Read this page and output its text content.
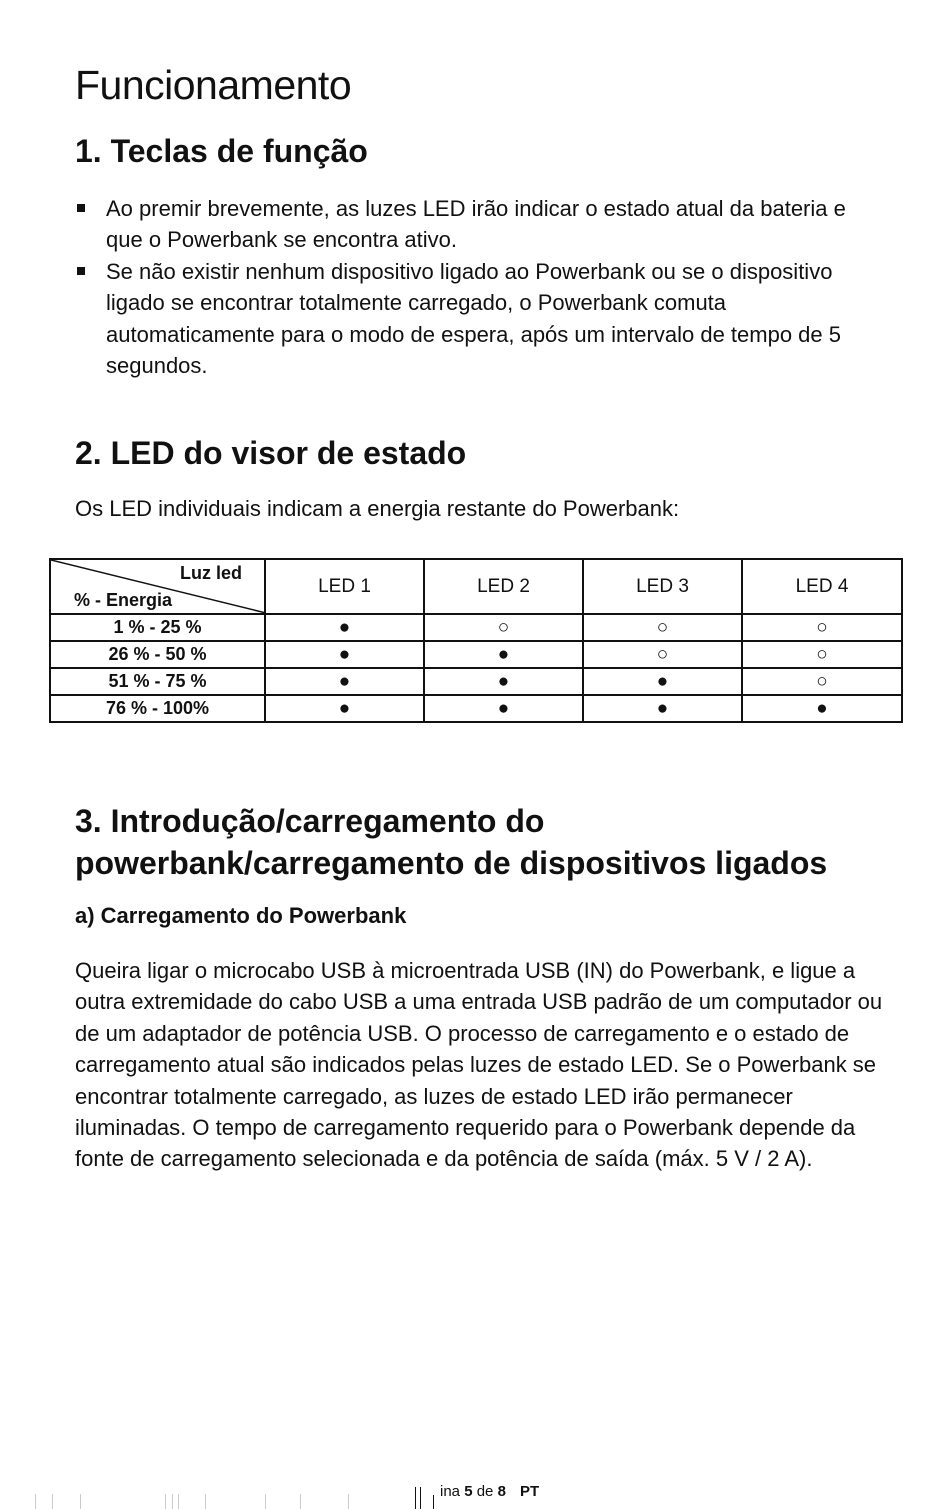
Funcionamento
1. Teclas de função
Ao premir brevemente, as luzes LED irão indicar o estado atual da bateria e que o Powerbank se encontra ativo.
Se não existir nenhum dispositivo ligado ao Powerbank ou se o dispositivo ligado se encontrar totalmente carregado, o Powerbank comuta automaticamente para o modo de espera, após um intervalo de tempo de 5 segundos.
2. LED do visor de estado

Os LED individuais indicam a energia restante do Powerbank:

Luz led
% - Energia	LED 1	LED 2	LED 3	LED 4
1 % - 25 %	●	○	○	○
26 % - 50 %	●	●	○	○
51 % - 75 %	●	●	●	○
76 % - 100%	●	●	●	●
3. Introdução/carregamento do
powerbank/carregamento de dispositivos ligados
a) Carregamento do Powerbank

Queira ligar o microcabo USB à microentrada USB (IN) do Powerbank, e ligue a outra extremidade do cabo USB a uma entrada USB padrão de um computador ou de um adaptador de potência USB. O processo de carregamento e o estado de carregamento atual são indicados pelas luzes de estado LED. Se o Powerbank se encontrar totalmente carregado, as luzes de estado LED irão permanecer iluminadas. O tempo de carregamento requerido para o Powerbank depende da fonte de carregamento selecionada e da potência de saída (máx. 5 V / 2 A).

ina 5 de 8 PT
